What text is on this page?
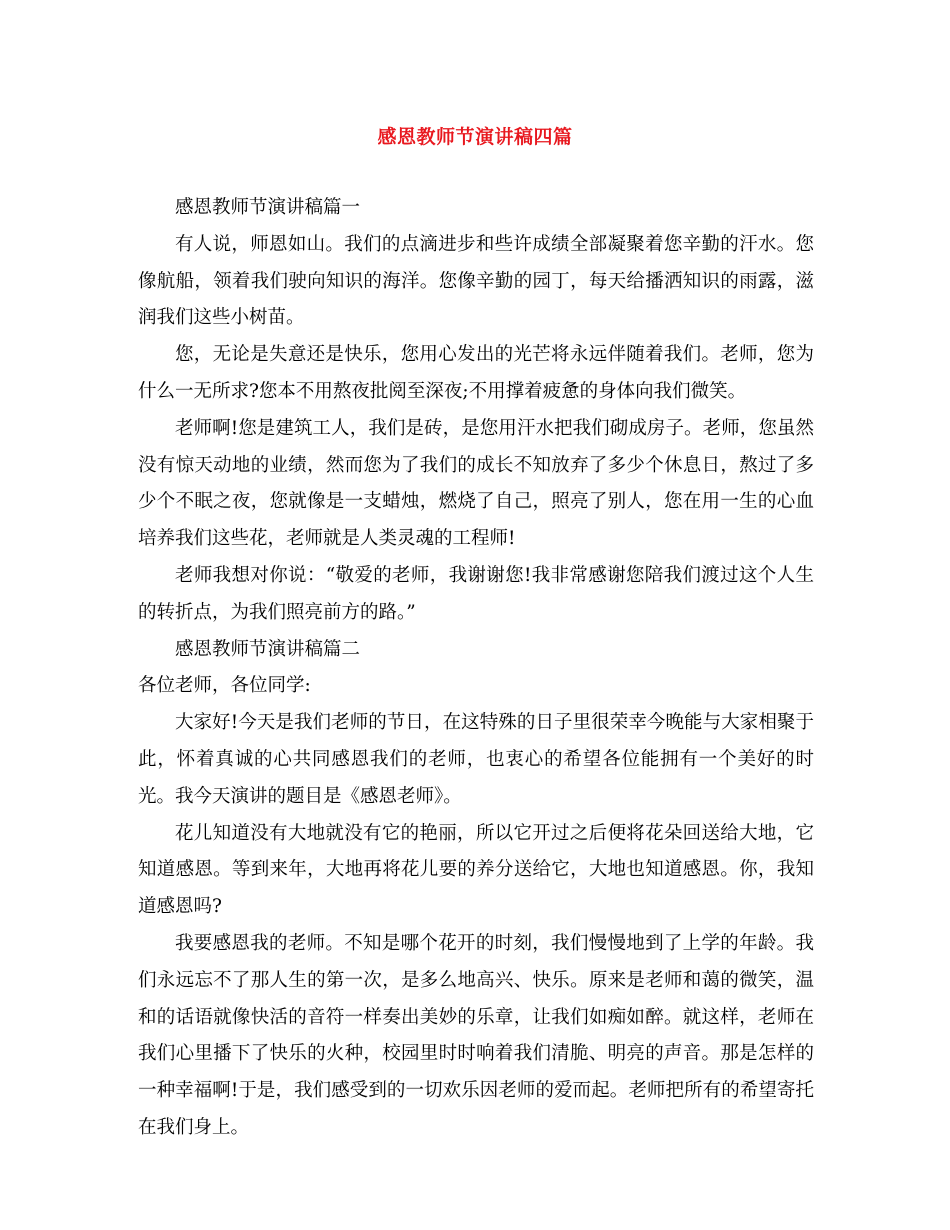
感恩教师节演讲稿四篇

感恩教师节演讲稿篇一

有人说，师恩如山。我们的点滴进步和些许成绩全部凝聚着您辛勤的汗水。您像航船，领着我们驶向知识的海洋。您像辛勤的园丁，每天给播洒知识的雨露，滋润我们这些小树苗。

您，无论是失意还是快乐，您用心发出的光芒将永远伴随着我们。老师，您为什么一无所求?您本不用熬夜批阅至深夜;不用撑着疲惫的身体向我们微笑。

老师啊!您是建筑工人，我们是砖，是您用汗水把我们砌成房子。老师，您虽然没有惊天动地的业绩，然而您为了我们的成长不知放弃了多少个休息日，熬过了多少个不眠之夜，您就像是一支蜡烛，燃烧了自己，照亮了别人，您在用一生的心血培养我们这些花，老师就是人类灵魂的工程师!

老师我想对你说：“敬爱的老师，我谢谢您!我非常感谢您陪我们渡过这个人生的转折点，为我们照亮前方的路。”

感恩教师节演讲稿篇二

各位老师，各位同学:

大家好!今天是我们老师的节日，在这特殊的日子里很荣幸今晚能与大家相聚于此，怀着真诚的心共同感恩我们的老师，也衷心的希望各位能拥有一个美好的时光。我今天演讲的题目是《感恩老师》。

花儿知道没有大地就没有它的艳丽，所以它开过之后便将花朵回送给大地，它知道感恩。等到来年，大地再将花儿要的养分送给它，大地也知道感恩。你，我知道感恩吗?

我要感恩我的老师。不知是哪个花开的时刻，我们慢慢地到了上学的年龄。我们永远忘不了那人生的第一次，是多么地高兴、快乐。原来是老师和蔼的微笑，温和的话语就像快活的音符一样奏出美妙的乐章，让我们如痴如醉。就这样，老师在我们心里播下了快乐的火种，校园里时时响着我们清脆、明亮的声音。那是怎样的一种幸福啊!于是，我们感受到的一切欢乐因老师的爱而起。老师把所有的希望寄托在我们身上。
